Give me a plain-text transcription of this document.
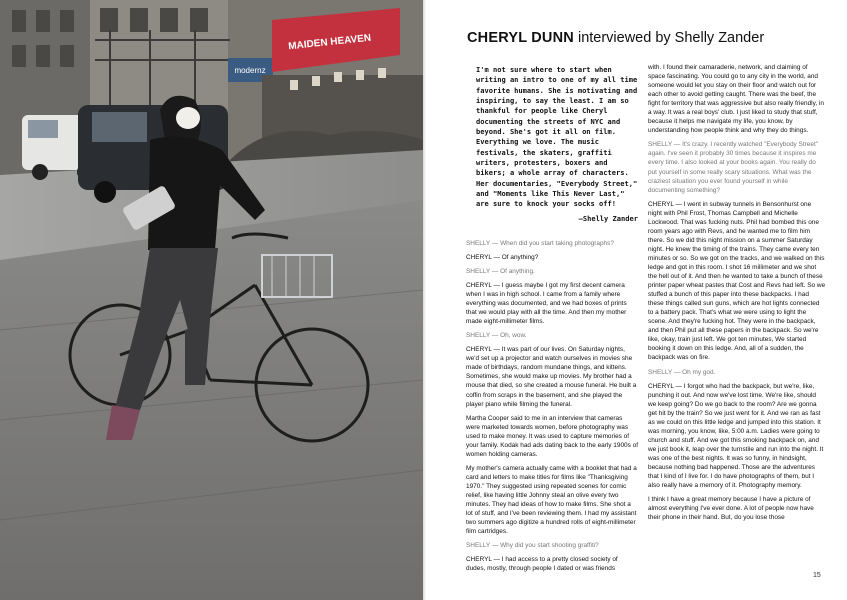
modernz
MAIDEN HEAVEN	CHERYL DUNN interviewed by Shelly Zander
I'm not sure where to start when writing an intro to one of my all time favorite humans. She is motivating and inspiring, to say the least. I am so thankful for people like Cheryl documenting the streets of NYC and beyond. She's got it all on film. Everything we love. The music festivals, the skaters, graffiti writers, protesters, boxers and bikers; a whole array of characters. Her documentaries, "Everybody Street," and "Moments like This Never Last," are sure to knock your socks off!
—Shelly Zander

SHELLY — When did you start taking photographs?

CHERYL — Of anything?

SHELLY — Of anything.

CHERYL — I guess maybe I got my first decent camera when I was in high school. I came from a family where everything was documented, and we had boxes of prints that we would play with all the time. And then my mother made eight-millimeter films.

SHELLY — Oh, wow.

CHERYL — It was part of our lives. On Saturday nights, we'd set up a projector and watch ourselves in movies she made of birthdays, random mundane things, and kittens. Sometimes, she would make up movies. My brother had a mouse that died, so she created a mouse funeral. He built a coffin from scraps in the basement, and she played the player piano while filming the funeral.

Martha Cooper said to me in an interview that cameras were marketed towards women, before photography was used to make money. It was used to capture memories of your family. Kodak had ads dating back to the early 1900s of women holding cameras.

My mother's camera actually came with a booklet that had a card and letters to make titles for films like "Thanksgiving 1970." They suggested using repeated scenes for comic relief, like having little Johnny steal an olive every two minutes. They had ideas of how to make films. She shot a lot of stuff, and I've been reviewing them. I had my assistant two summers ago digitize a hundred rolls of eight-millimeter film cartridges.

SHELLY — Why did you start shooting graffiti?

CHERYL — I had access to a pretty closed society of dudes, mostly, through people I dated or was friends

with. I found their camaraderie, network, and claiming of space fascinating. You could go to any city in the world, and someone would let you stay on their floor and watch out for each other to avoid getting caught. There was the beef, the fight for territory that was aggressive but also really friendly, in a way. It was a real boys' club. I just liked to study that stuff, because it helps me navigate my life, you know, by understanding how people think and why they do things.

SHELLY — It's crazy. I recently watched "Everybody Street" again. I've seen it probably 30 times because it inspires me every time. I also looked at your books again. You really do put yourself in some really scary situations. What was the craziest situation you ever found yourself in while documenting something?

CHERYL — I went in subway tunnels in Bensonhurst one night with Phil Frost, Thomas Campbell and Michelle Lockwood. That was fucking nuts. Phil had bombed this one room years ago with Revs, and he wanted me to film him there. So we did this night mission on a summer Saturday night. He knew the timing of the trains. They came every ten minutes or so. So we got on the tracks, and we walked on this ledge and got in this room. I shot 16 millimeter and we shot the hell out of it. And then he wanted to take a bunch of these printer paper wheat pastes that Cost and Revs had left. So we stuffed a bunch of this paper into these backpacks. I had these things called sun guns, which are hot lights connected to a battery pack. That's what we were using to light the scene. And they're fucking hot. They were in the backpack, and then Phil put all these papers in the backpack. So we're like, okay, train just left. We got ten minutes, We started booking it down on this ledge. And, all of a sudden, the backpack was on fire.

SHELLY — Oh my god.

CHERYL — I forgot who had the backpack, but we're, like, punching it out. And now we've lost time. We're like, should we keep going? Do we go back to the room? Are we gonna get hit by the train? So we just went for it. And we ran as fast as we could on this little ledge and jumped into this station. It was morning, you know, like, 5:00 a.m. Ladies were going to church and stuff. And we got this smoking backpack on, and we just book it, leap over the turnstile and run into the night. It was one of the best nights. It was so funny, in hindsight, because nothing bad happened. Those are the adventures that I kind of I live for. I do have photographs of them, but I also really have a memory of it. Photography memory.

I think I have a great memory because I have a picture of almost everything I've ever done. A lot of people now have their phone in their hand. But, do you lose those

15
